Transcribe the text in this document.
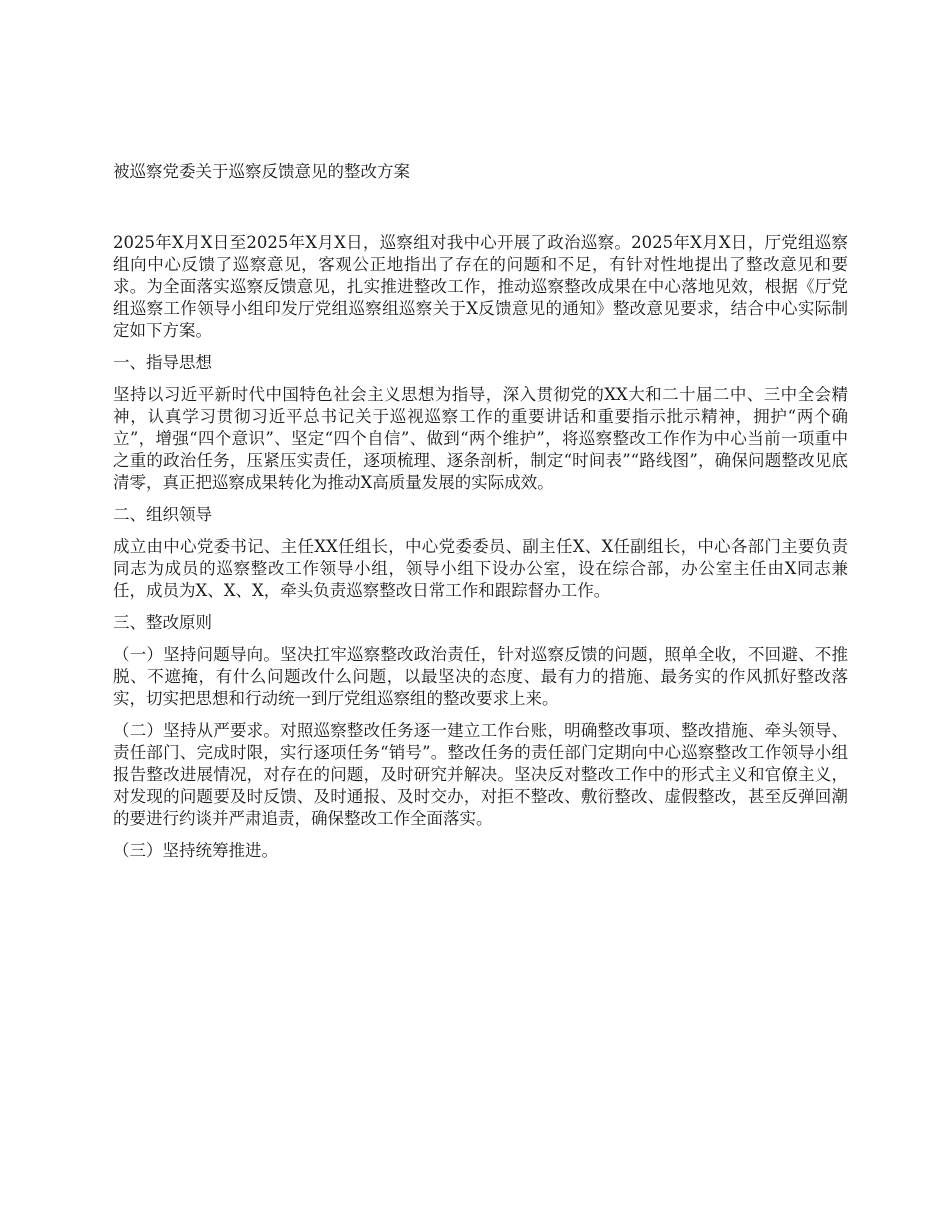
被巡察党委关于巡察反馈意见的整改方案

2025年X月X日至2025年X月X日，巡察组对我中心开展了政治巡察。2025年X月X日，厅党组巡察组向中心反馈了巡察意见，客观公正地指出了存在的问题和不足，有针对性地提出了整改意见和要求。为全面落实巡察反馈意见，扎实推进整改工作，推动巡察整改成果在中心落地见效，根据《厅党组巡察工作领导小组印发厅党组巡察组巡察关于X反馈意见的通知》整改意见要求，结合中心实际制定如下方案。

一、指导思想

坚持以习近平新时代中国特色社会主义思想为指导，深入贯彻党的XX大和二十届二中、三中全会精神，认真学习贯彻习近平总书记关于巡视巡察工作的重要讲话和重要指示批示精神，拥护“两个确立”，增强“四个意识”、坚定“四个自信”、做到“两个维护”，将巡察整改工作作为中心当前一项重中之重的政治任务，压紧压实责任，逐项梳理、逐条剖析，制定“时间表”“路线图”，确保问题整改见底清零，真正把巡察成果转化为推动X高质量发展的实际成效。

二、组织领导

成立由中心党委书记、主任XX任组长，中心党委委员、副主任X、X任副组长，中心各部门主要负责同志为成员的巡察整改工作领导小组，领导小组下设办公室，设在综合部，办公室主任由X同志兼任，成员为X、X、X，牵头负责巡察整改日常工作和跟踪督办工作。

三、整改原则

（一）坚持问题导向。坚决扛牢巡察整改政治责任，针对巡察反馈的问题，照单全收，不回避、不推脱、不遮掩，有什么问题改什么问题，以最坚决的态度、最有力的措施、最务实的作风抓好整改落实，切实把思想和行动统一到厅党组巡察组的整改要求上来。

（二）坚持从严要求。对照巡察整改任务逐一建立工作台账，明确整改事项、整改措施、牵头领导、责任部门、完成时限，实行逐项任务“销号”。整改任务的责任部门定期向中心巡察整改工作领导小组报告整改进展情况，对存在的问题，及时研究并解决。坚决反对整改工作中的形式主义和官僚主义，对发现的问题要及时反馈、及时通报、及时交办，对拒不整改、敷衍整改、虚假整改，甚至反弹回潮的要进行约谈并严肃追责，确保整改工作全面落实。

（三）坚持统筹推进。
